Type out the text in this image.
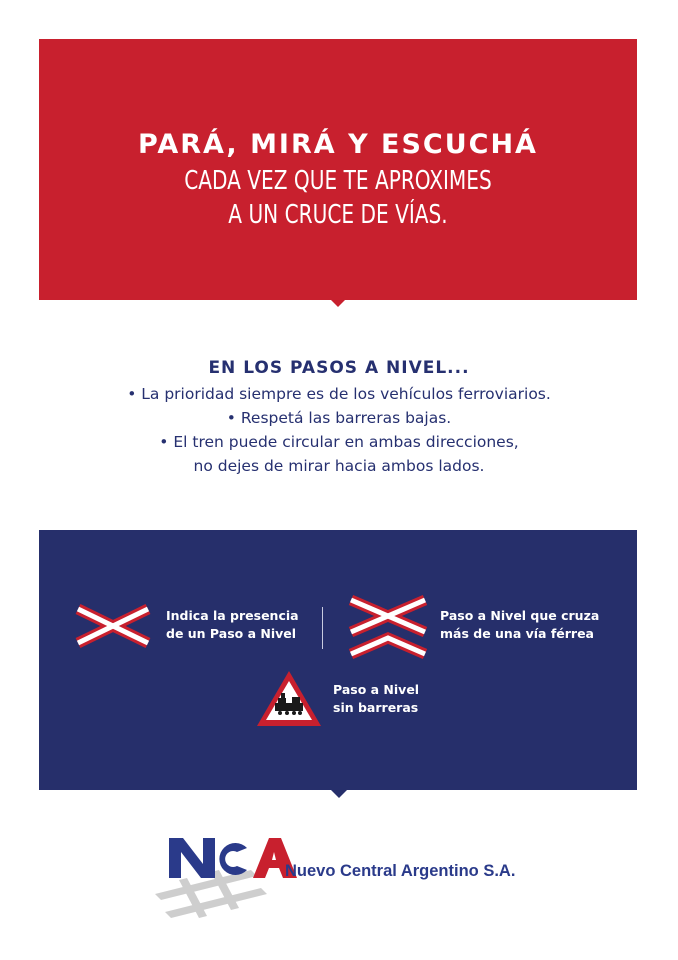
PARÁ, MIRÁ Y ESCUCHÁ
CADA VEZ QUE TE APROXIMES
A UN CRUCE DE VÍAS.
EN LOS PASOS A NIVEL...
• La prioridad siempre es de los vehículos ferroviarios.
• Respetá las barreras bajas.
• El tren puede circular en ambas direcciones,
no dejes de mirar hacia ambos lados.
Indica la presencia
de un Paso a Nivel
Paso a Nivel que cruza
más de una vía férrea
Paso a Nivel
sin barreras
Nuevo Central Argentino S.A.
